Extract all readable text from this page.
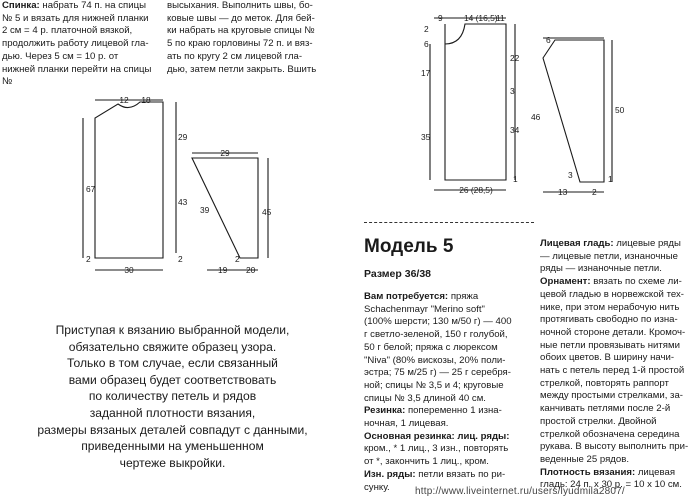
Спинка: набрать 74 п. на спицы

№ 5 и вязать для нижней планки

2 см = 4 р. платочной вязкой,

продолжить работу лицевой гла-

дью. Через 5 см = 10 р. от

нижней планки перейти на спицы №

высыхания. Выполнить швы, бо-

ковые швы — до меток. Для бей-

ки набрать на круговые спицы №

5 по краю горловины 72 п. и вяз-

ать по кругу 2 см лицевой гла-

дью, затем петли закрыть. Вшить

12 18
67
29
43
2
2
30
29
39	45
2
19 20
9	14 (16,5)
11
2
6
17
35
22
3
34
1
26 (28,5)
6
50
46
3	1
13	2
Приступая к вязанию выбранной модели,
обязательно свяжите образец узора.
Только в том случае, если связанный
вами образец будет соответствовать
по количеству петель и рядов
заданной плотности вязания,
размеры вязаных деталей совпадут с данными,
приведенными на уменьшенном
чертеже выкройки.
Модель 5
Размер 36/38

Вам потребуется: пряжа

Schachenmayr "Merino soft"

(100% шерсти; 130 м/50 г) — 400

г светло-зеленой, 150 г голубой,

50 г белой; пряжа с люрексом

"Niva" (80% вискозы, 20% поли-

эстра; 75 м/25 г) — 25 г серебря-

ной; спицы № 3,5 и 4; круговые

спицы № 3,5 длиной 40 см.

Резинка: попеременно 1 изна-

ночная, 1 лицевая.

Основная резинка: лиц. ряды:

кром., * 1 лиц., 3 изн., повторять

от *, закончить 1 лиц., кром.

Изн. ряды: петли вязать по ри-

сунку.

Лицевая гладь: лицевые ряды

— лицевые петли, изнаночные

ряды — изнаночные петли.

Орнамент: вязать по схеме ли-

цевой гладью в норвежской тех-

нике, при этом нерабочую нить

протягивать свободно по изна-

ночной стороне детали. Кромоч-

ные петли провязывать нитями

обоих цветов. В ширину начи-

нать с петель перед 1-й простой

стрелкой, повторять раппорт

между простыми стрелками, за-

канчивать петлями после 2-й

простой стрелки. Двойной

стрелкой обозначена середина

рукава. В высоту выполнить при-

веденные 25 рядов.

Плотность вязания: лицевая

гладь: 24 п. x 30 р. = 10 x 10 см.

http://www.liveinternet.ru/users/lyudmila2807/
